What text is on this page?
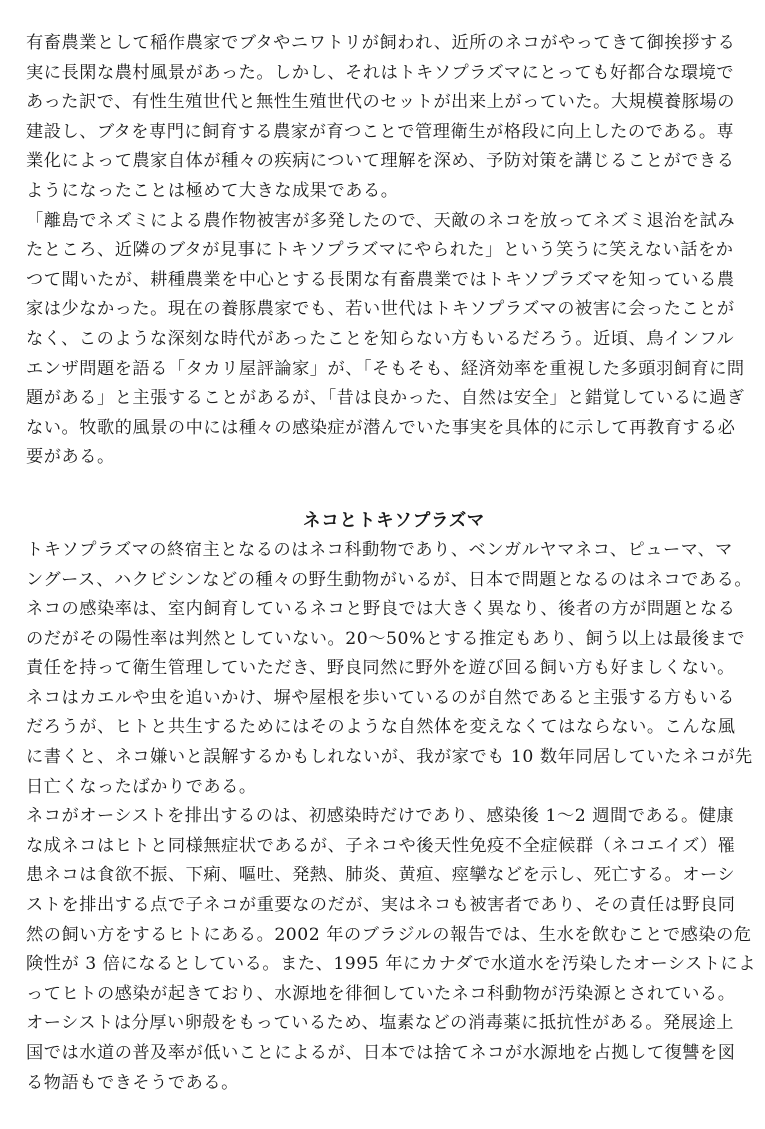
有畜農業として稲作農家でブタやニワトリが飼われ、近所のネコがやってきて御挨拶する
実に長閑な農村風景があった。しかし、それはトキソプラズマにとっても好都合な環境で
あった訳で、有性生殖世代と無性生殖世代のセットが出来上がっていた。大規模養豚場の
建設し、ブタを専門に飼育する農家が育つことで管理衛生が格段に向上したのである。専
業化によって農家自体が種々の疾病について理解を深め、予防対策を講じることができる
ようになったことは極めて大きな成果である。
「離島でネズミによる農作物被害が多発したので、天敵のネコを放ってネズミ退治を試み
たところ、近隣のブタが見事にトキソプラズマにやられた」という笑うに笑えない話をか
つて聞いたが、耕種農業を中心とする長閑な有畜農業ではトキソプラズマを知っている農
家は少なかった。現在の養豚農家でも、若い世代はトキソプラズマの被害に会ったことが
なく、このような深刻な時代があったことを知らない方もいるだろう。近頃、鳥インフル
エンザ問題を語る「タカリ屋評論家」が、「そもそも、経済効率を重視した多頭羽飼育に問
題がある」と主張することがあるが、「昔は良かった、自然は安全」と錯覚しているに過ぎ
ない。牧歌的風景の中には種々の感染症が潜んでいた事実を具体的に示して再教育する必
要がある。
ネコとトキソプラズマ
トキソプラズマの終宿主となるのはネコ科動物であり、ベンガルヤマネコ、ピューマ、マ
ングース、ハクビシンなどの種々の野生動物がいるが、日本で問題となるのはネコである。
ネコの感染率は、室内飼育しているネコと野良では大きく異なり、後者の方が問題となる
のだがその陽性率は判然としていない。20～50%とする推定もあり、飼う以上は最後まで
責任を持って衛生管理していただき、野良同然に野外を遊び回る飼い方も好ましくない。
ネコはカエルや虫を追いかけ、塀や屋根を歩いているのが自然であると主張する方もいる
だろうが、ヒトと共生するためにはそのような自然体を変えなくてはならない。こんな風
に書くと、ネコ嫌いと誤解するかもしれないが、我が家でも 10 数年同居していたネコが先
日亡くなったばかりである。
ネコがオーシストを排出するのは、初感染時だけであり、感染後 1～2 週間である。健康
な成ネコはヒトと同様無症状であるが、子ネコや後天性免疫不全症候群（ネコエイズ）罹
患ネコは食欲不振、下痢、嘔吐、発熱、肺炎、黄疸、痙攣などを示し、死亡する。オーシ
ストを排出する点で子ネコが重要なのだが、実はネコも被害者であり、その責任は野良同
然の飼い方をするヒトにある。2002 年のブラジルの報告では、生水を飲むことで感染の危
険性が 3 倍になるとしている。また、1995 年にカナダで水道水を汚染したオーシストによ
ってヒトの感染が起きており、水源地を徘徊していたネコ科動物が汚染源とされている。
オーシストは分厚い卵殻をもっているため、塩素などの消毒薬に抵抗性がある。発展途上
国では水道の普及率が低いことによるが、日本では捨てネコが水源地を占拠して復讐を図
る物語もできそうである。
